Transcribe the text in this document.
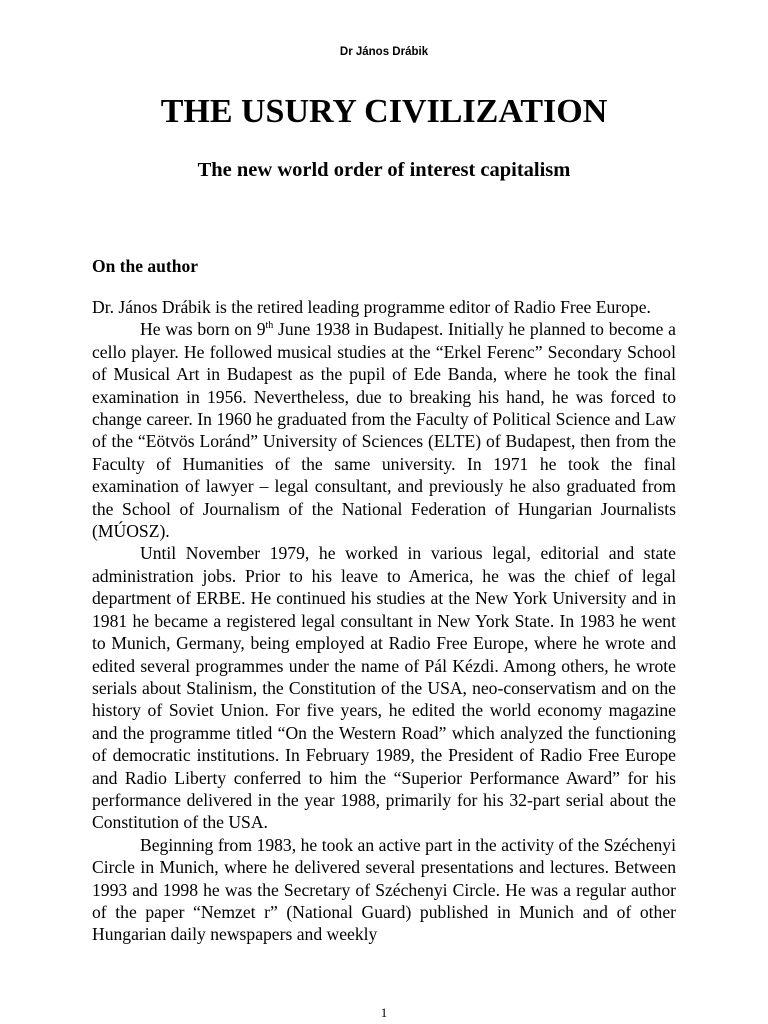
Dr János Drábik
THE USURY CIVILIZATION
The new world order of interest capitalism
On the author

Dr. János Drábik is the retired leading programme editor of Radio Free Europe.

He was born on 9th June 1938 in Budapest. Initially he planned to become a cello player. He followed musical studies at the “Erkel Ferenc” Secondary School of Musical Art in Budapest as the pupil of Ede Banda, where he took the final examination in 1956. Nevertheless, due to breaking his hand, he was forced to change career. In 1960 he graduated from the Faculty of Political Science and Law of the “Eötvös Loránd” University of Sciences (ELTE) of Budapest, then from the Faculty of Humanities of the same university. In 1971 he took the final examination of lawyer – legal consultant, and previously he also graduated from the School of Journalism of the National Federation of Hungarian Journalists (MÚOSZ).

Until November 1979, he worked in various legal, editorial and state administration jobs. Prior to his leave to America, he was the chief of legal department of ERBE. He continued his studies at the New York University and in 1981 he became a registered legal consultant in New York State. In 1983 he went to Munich, Germany, being employed at Radio Free Europe, where he wrote and edited several programmes under the name of Pál Kézdi. Among others, he wrote serials about Stalinism, the Constitution of the USA, neo-conservatism and on the history of Soviet Union. For five years, he edited the world economy magazine and the programme titled “On the Western Road” which analyzed the functioning of democratic institutions. In February 1989, the President of Radio Free Europe and Radio Liberty conferred to him the “Superior Performance Award” for his performance delivered in the year 1988, primarily for his 32-part serial about the Constitution of the USA.

Beginning from 1983, he took an active part in the activity of the Széchenyi Circle in Munich, where he delivered several presentations and lectures. Between 1993 and 1998 he was the Secretary of Széchenyi Circle. He was a regular author of the paper “Nemzet r” (National Guard) published in Munich and of other Hungarian daily newspapers and weekly

1
